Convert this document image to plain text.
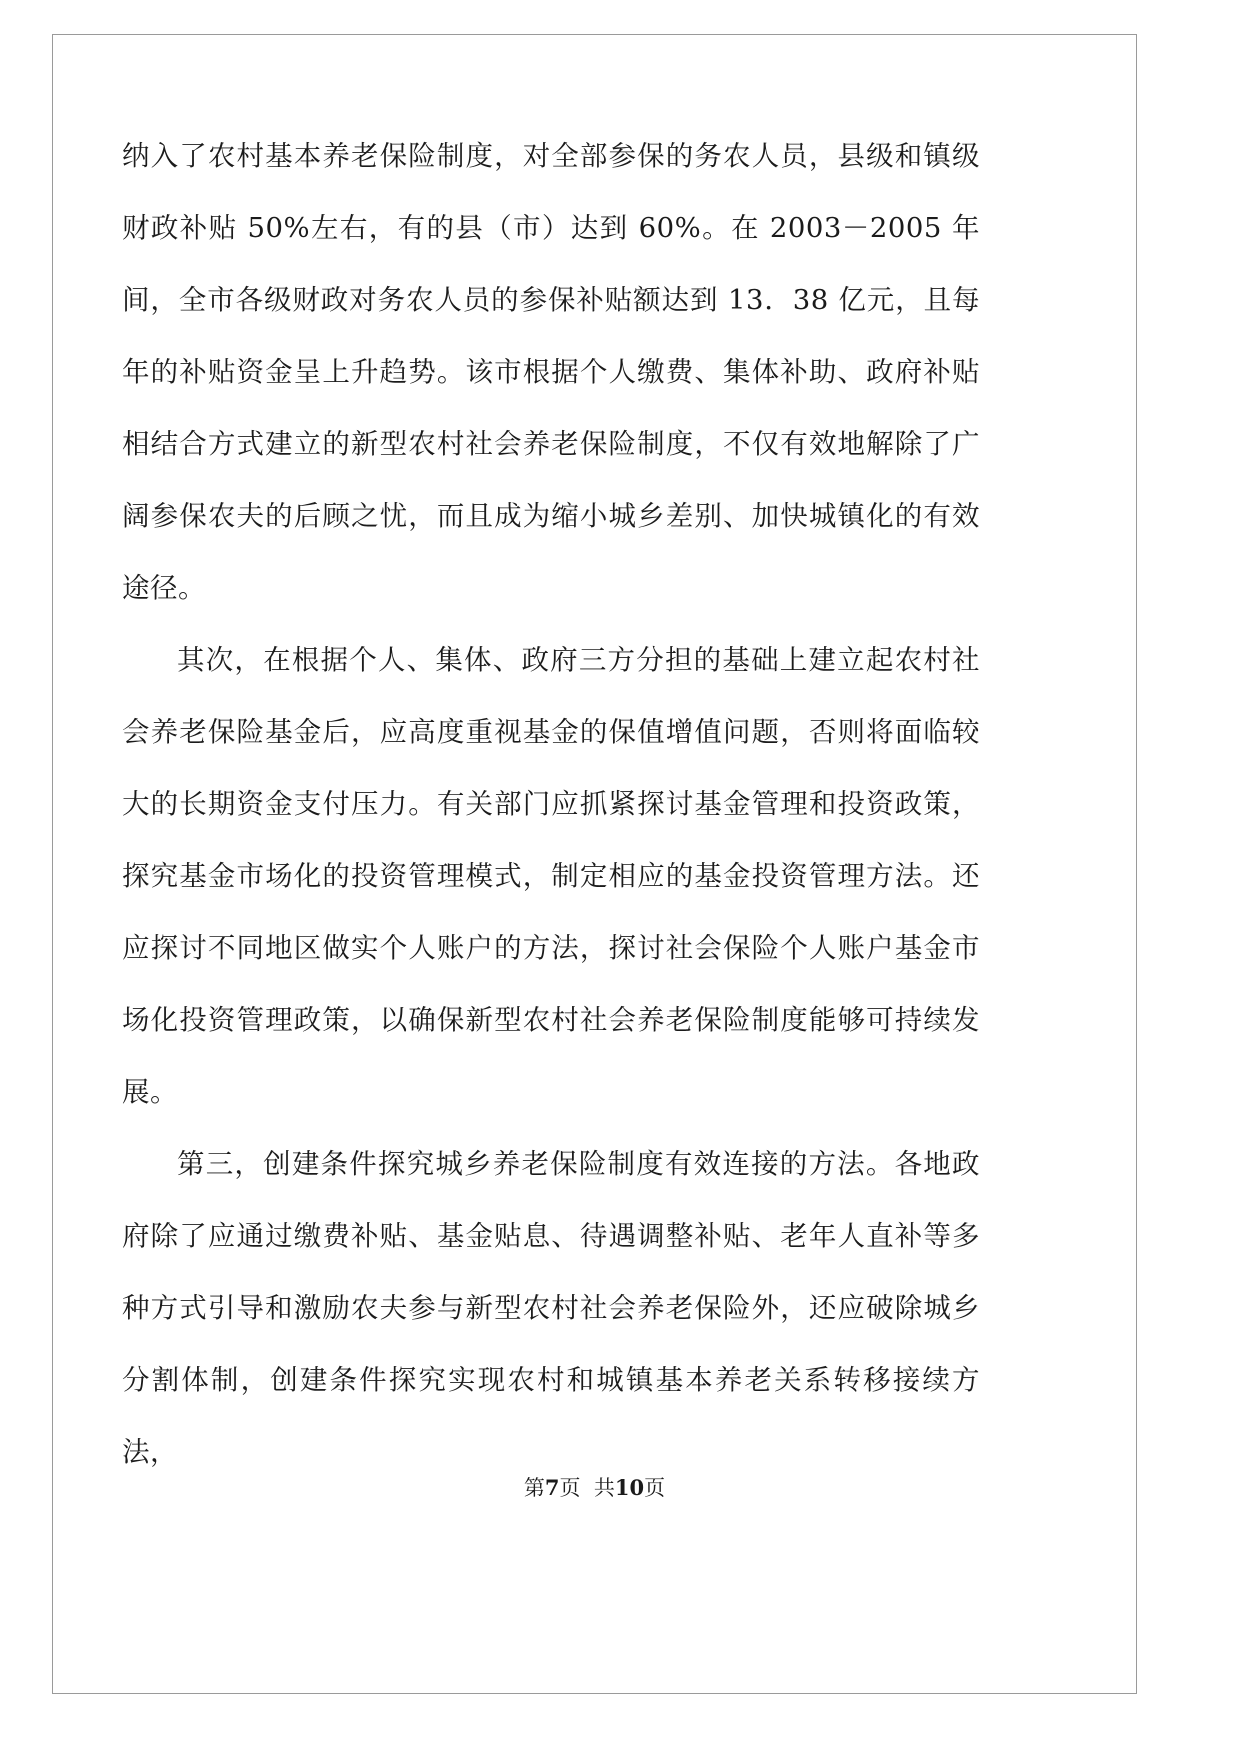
纳入了农村基本养老保险制度，对全部参保的务农人员，县级和镇级财政补贴 50%左右，有的县（市）达到 60%。在 2003－2005 年间，全市各级财政对务农人员的参保补贴额达到 13．38 亿元，且每年的补贴资金呈上升趋势。该市根据个人缴费、集体补助、政府补贴相结合方式建立的新型农村社会养老保险制度，不仅有效地解除了广阔参保农夫的后顾之忧，而且成为缩小城乡差别、加快城镇化的有效途径。

其次，在根据个人、集体、政府三方分担的基础上建立起农村社会养老保险基金后，应高度重视基金的保值增值问题，否则将面临较大的长期资金支付压力。有关部门应抓紧探讨基金管理和投资政策，探究基金市场化的投资管理模式，制定相应的基金投资管理方法。还应探讨不同地区做实个人账户的方法，探讨社会保险个人账户基金市场化投资管理政策，以确保新型农村社会养老保险制度能够可持续发展。

第三，创建条件探究城乡养老保险制度有效连接的方法。各地政府除了应通过缴费补贴、基金贴息、待遇调整补贴、老年人直补等多种方式引导和激励农夫参与新型农村社会养老保险外，还应破除城乡分割体制，创建条件探究实现农村和城镇基本养老关系转移接续方法，

第7页 共10页
